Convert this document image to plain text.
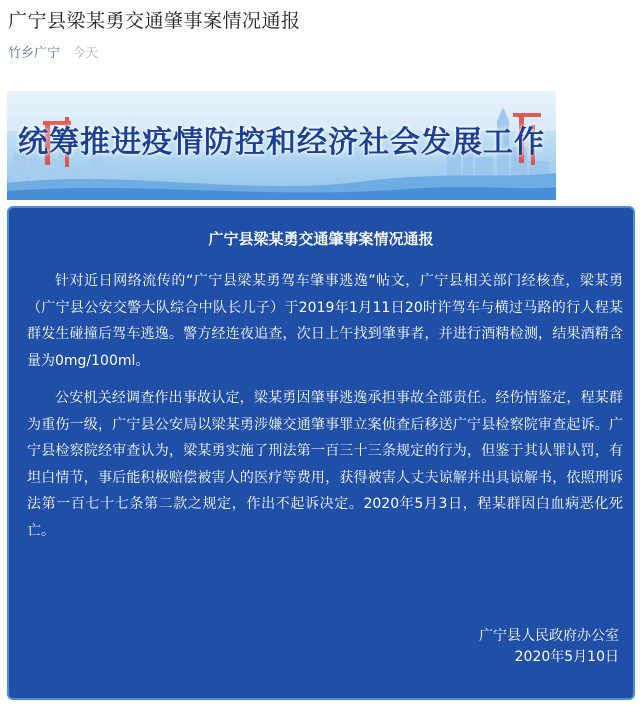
广宁县梁某勇交通肇事案情况通报
竹乡广宁 今天
统筹推进疫情防控和经济社会发展工作
广宁县梁某勇交通肇事案情况通报

针对近日网络流传的“广宁县梁某勇驾车肇事逃逸”帖文，广宁县相关部门经核查，梁某勇（广宁县公安交警大队综合中队长儿子）于2019年1月11日20时许驾车与横过马路的行人程某群发生碰撞后驾车逃逸。警方经连夜追查，次日上午找到肇事者，并进行酒精检测，结果酒精含量为0mg/100ml。

公安机关经调查作出事故认定，梁某勇因肇事逃逸承担事故全部责任。经伤情鉴定，程某群为重伤一级，广宁县公安局以梁某勇涉嫌交通肇事罪立案侦查后移送广宁县检察院审查起诉。广宁县检察院经审查认为，梁某勇实施了刑法第一百三十三条规定的行为，但鉴于其认罪认罚，有坦白情节，事后能积极赔偿被害人的医疗等费用，获得被害人丈夫谅解并出具谅解书，依照刑诉法第一百七十七条第二款之规定，作出不起诉决定。2020年5月3日，程某群因白血病恶化死亡。

广宁县人民政府办公室
2020年5月10日
